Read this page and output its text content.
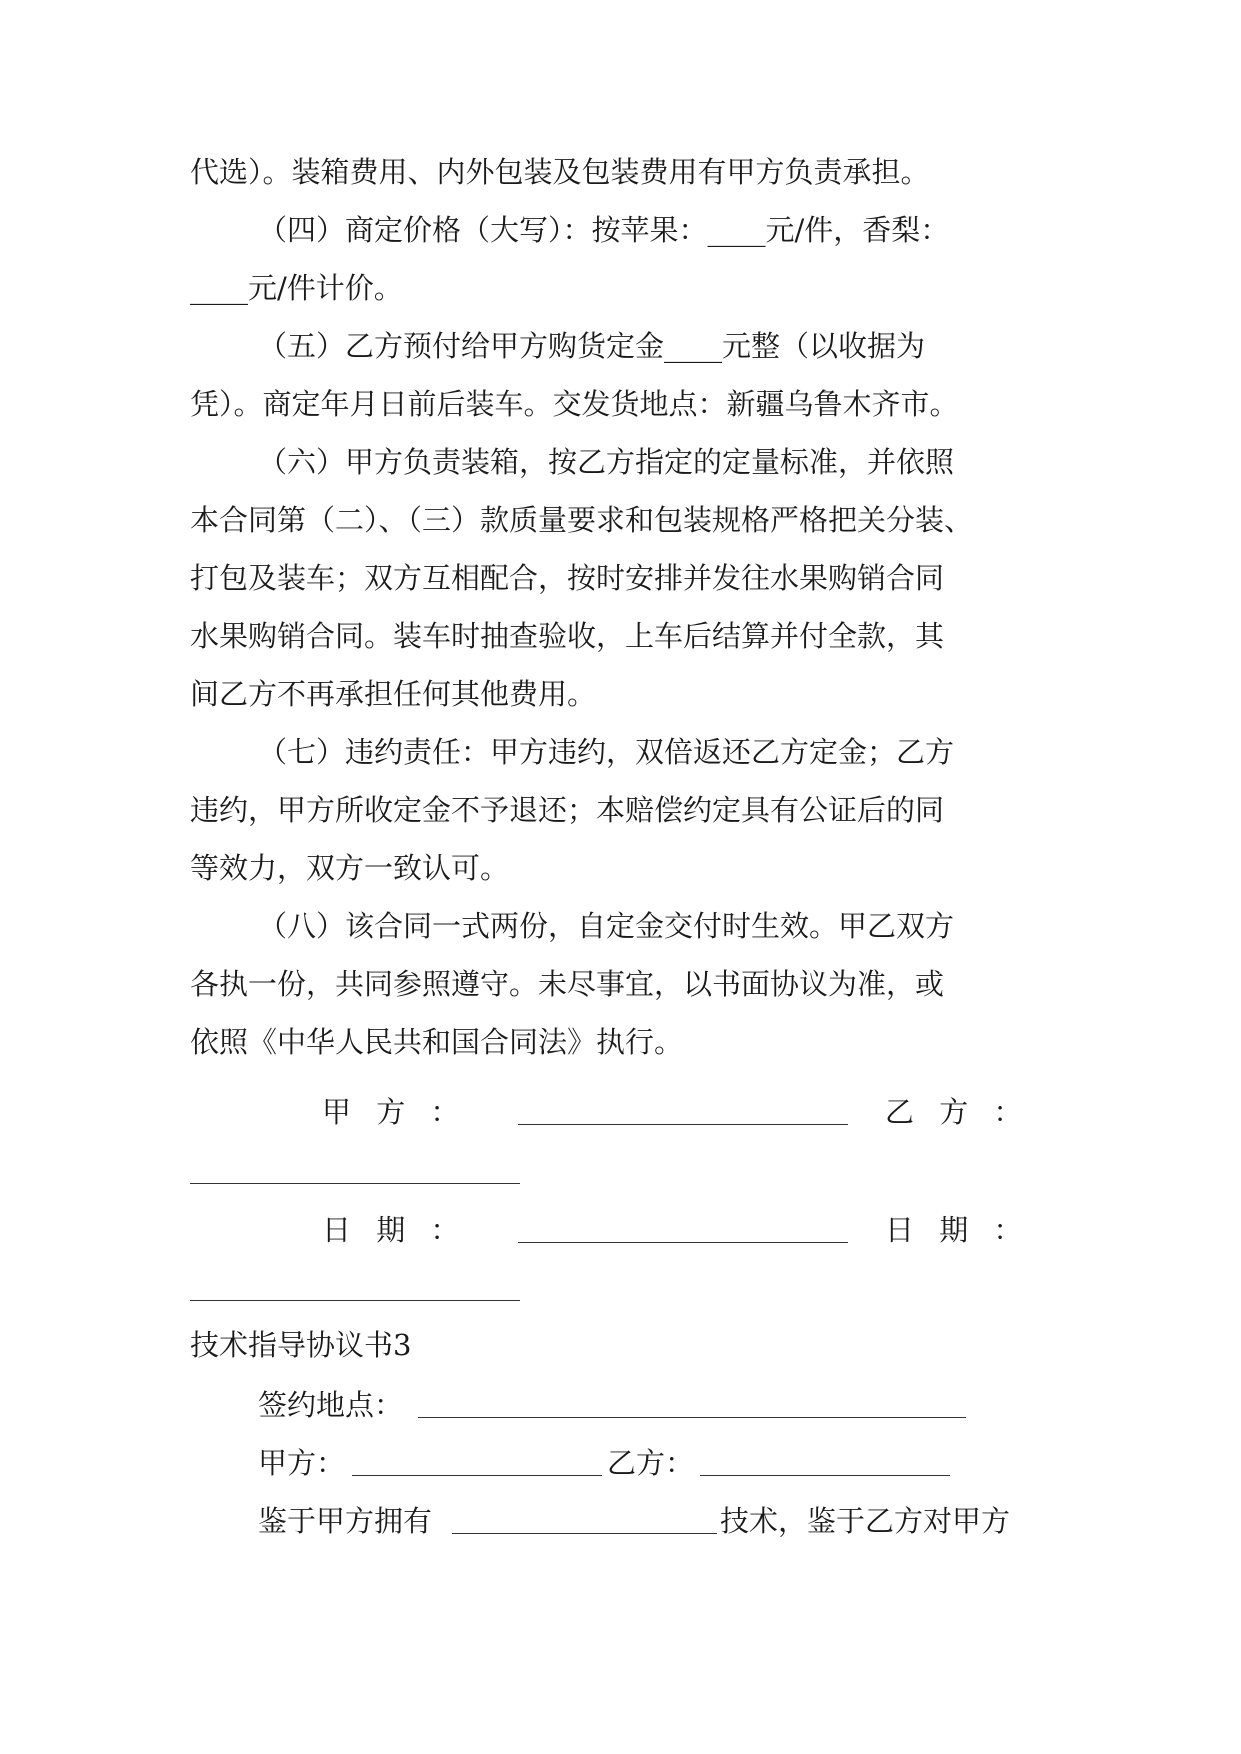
代选）。装箱费用、内外包装及包装费用有甲方负责承担。
（四）商定价格（大写）：按苹果：____元/件，香梨：
____元/件计价。
（五）乙方预付给甲方购货定金____元整（以收据为
凭）。商定年月日前后装车。交发货地点：新疆乌鲁木齐市。
（六）甲方负责装箱，按乙方指定的定量标准，并依照
本合同第（二）、（三）款质量要求和包装规格严格把关分装、
打包及装车；双方互相配合，按时安排并发往水果购销合同
水果购销合同。装车时抽查验收，上车后结算并付全款，其
间乙方不再承担任何其他费用。
（七）违约责任：甲方违约，双倍返还乙方定金；乙方
违约，甲方所收定金不予退还；本赔偿约定具有公证后的同
等效力，双方一致认可。
（八）该合同一式两份，自定金交付时生效。甲乙双方
各执一份，共同参照遵守。未尽事宜，以书面协议为准，或
依照《中华人民共和国合同法》执行。
甲 方 ：	乙 方 ：
日 期 ：	日 期 ：
技术指导协议书3
签约地点：
甲方：	乙方：
鉴于甲方拥有	技术，鉴于乙方对甲方
